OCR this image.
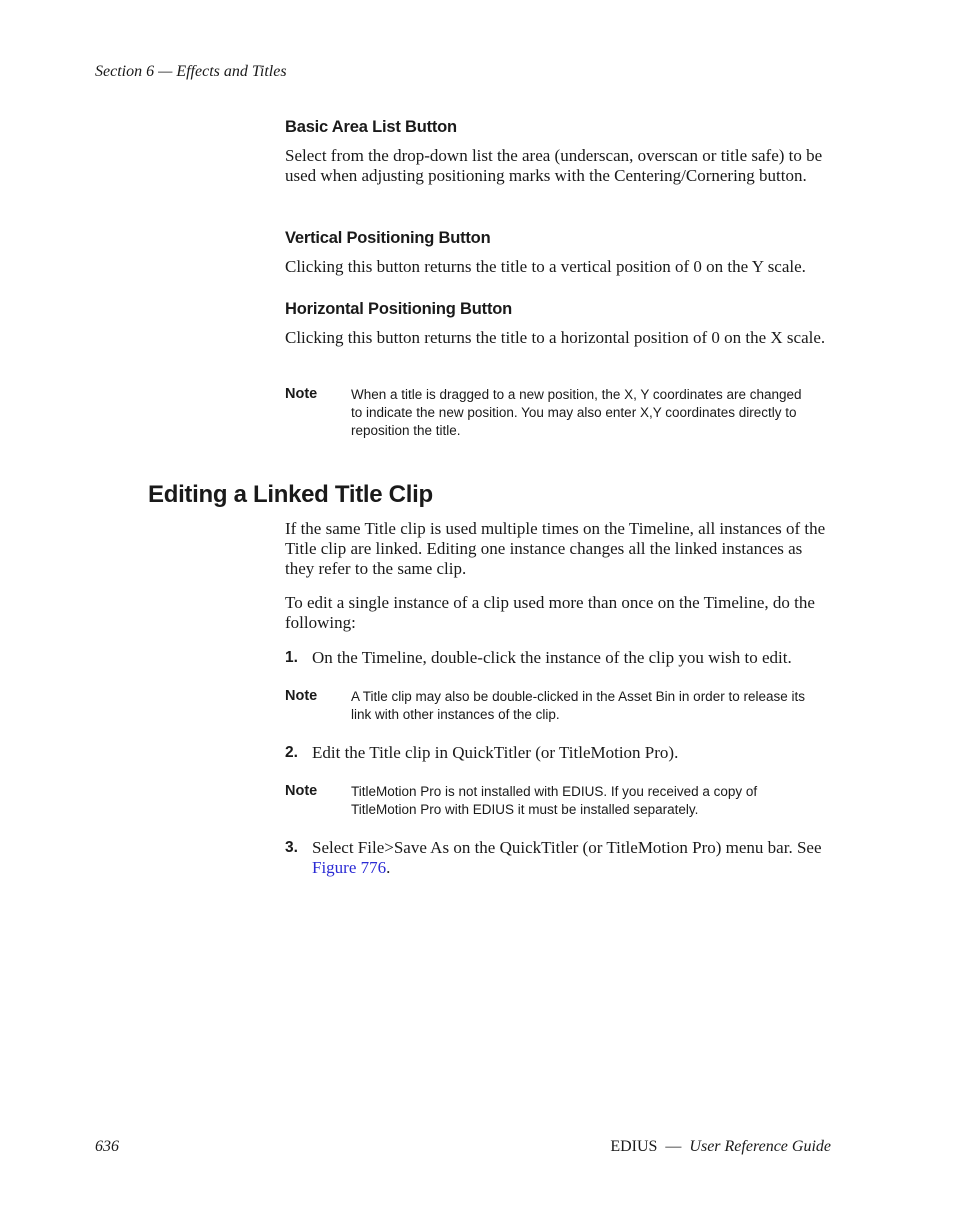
Section 6 — Effects and Titles
Basic Area List Button

Select from the drop-down list the area (underscan, overscan or title safe) to be used when adjusting positioning marks with the Centering/Cornering button.

Vertical Positioning Button

Clicking this button returns the title to a vertical position of 0 on the Y scale.

Horizontal Positioning Button

Clicking this button returns the title to a horizontal position of 0 on the X scale.

Note	When a title is dragged to a new position, the X, Y coordinates are changed to indicate the new position. You may also enter X,Y coordinates directly to reposition the title.
Editing a Linked Title Clip

If the same Title clip is used multiple times on the Timeline, all instances of the Title clip are linked. Editing one instance changes all the linked instances as they refer to the same clip.

To edit a single instance of a clip used more than once on the Timeline, do the following:

1. On the Timeline, double-click the instance of the clip you wish to edit.
Note	A Title clip may also be double-clicked in the Asset Bin in order to release its link with other instances of the clip.
2. Edit the Title clip in QuickTitler (or TitleMotion Pro).
Note	TitleMotion Pro is not installed with EDIUS. If you received a copy of TitleMotion Pro with EDIUS it must be installed separately.
3. Select File>Save As on the QuickTitler (or TitleMotion Pro) menu bar. See Figure 776.
636	EDIUS — User Reference Guide
